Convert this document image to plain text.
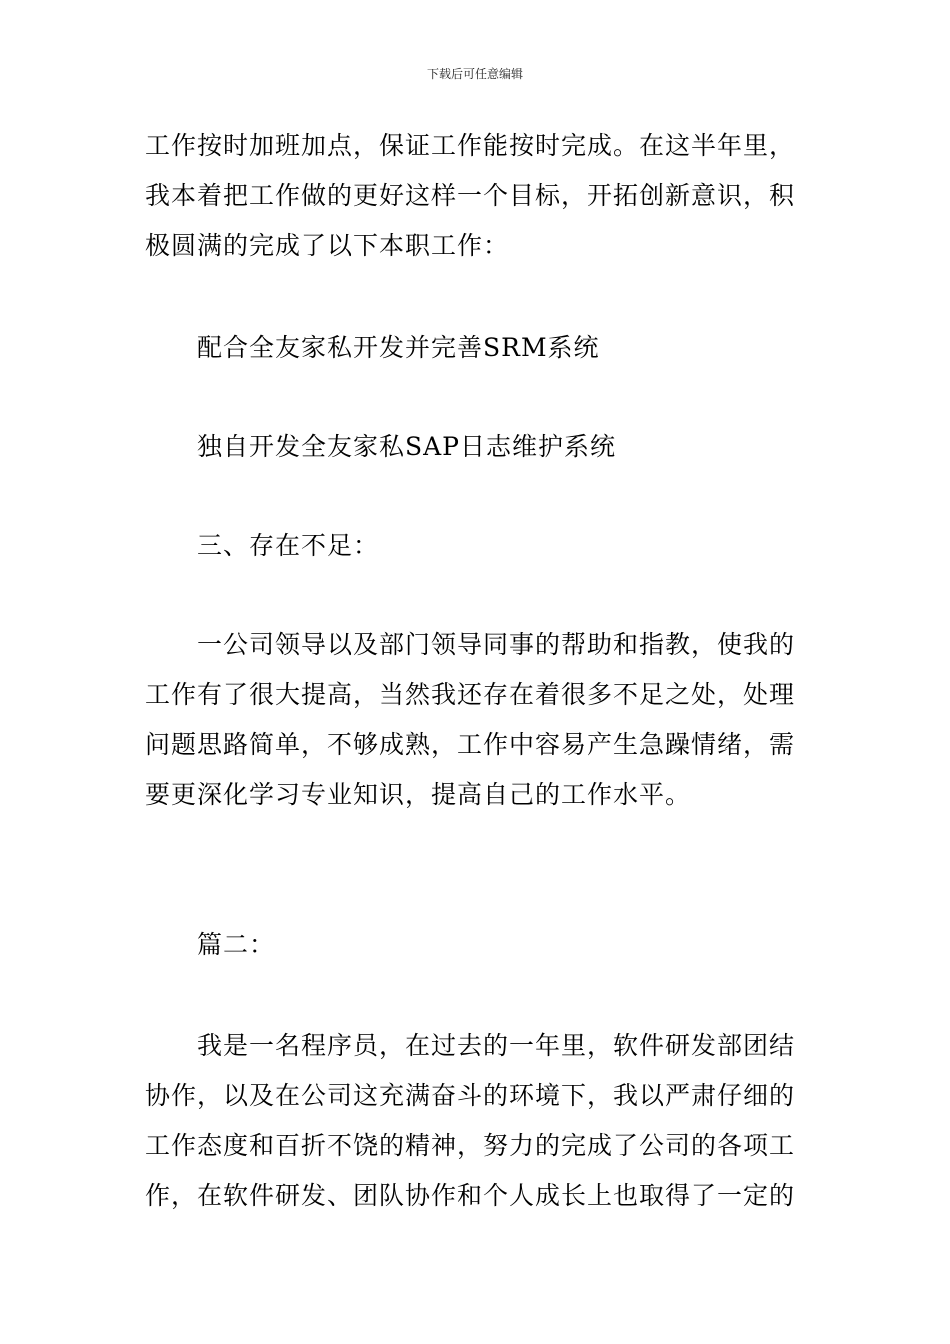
下载后可任意编辑
工作按时加班加点，保证工作能按时完成。在这半年里，
我本着把工作做的更好这样一个目标，开拓创新意识，积
极圆满的完成了以下本职工作：
配合全友家私开发并完善SRM系统
独自开发全友家私SAP日志维护系统
三、存在不足：
一公司领导以及部门领导同事的帮助和指教，使我的
工作有了很大提高，当然我还存在着很多不足之处，处理
问题思路简单，不够成熟，工作中容易产生急躁情绪，需
要更深化学习专业知识，提高自己的工作水平。
篇二：
我是一名程序员，在过去的一年里，软件研发部团结
协作，以及在公司这充满奋斗的环境下，我以严肃仔细的
工作态度和百折不饶的精神，努力的完成了公司的各项工
作，在软件研发、团队协作和个人成长上也取得了一定的
